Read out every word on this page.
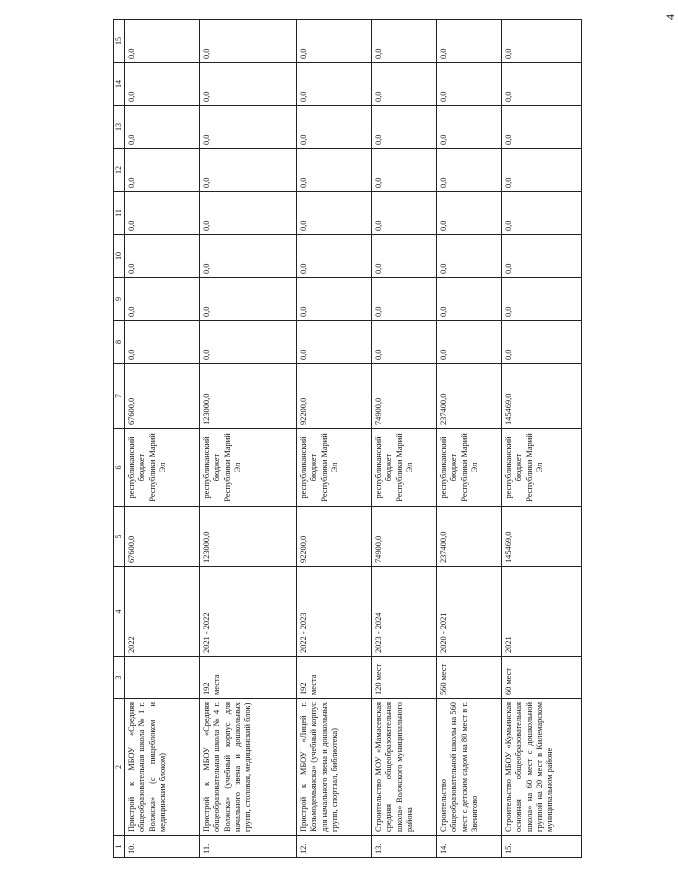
4
1	2	3	4	5	6	7	8	9	10	11	12	13	14	15
10.	Пристрой к МБОУ «Средняя общеобразовательная школа № 1 г. Волжска» (с пищеблоком и медицинским блоком)		2022	67600,0	республиканский бюджет Республики Марий Эл	67600,0	0,0	0,0	0,0	0,0	0,0	0,0	0,0	0,0
11.	Пристрой к МБОУ «Средняя общеобразовательная школа № 4 г. Волжска» (учебный корпус для начального звена и дошкольных групп, столовая, медицинский блок)	192 места	2021 - 2022	123000,0	республиканский бюджет Республики Марий Эл	123000,0	0,0	0,0	0,0	0,0	0,0	0,0	0,0	0,0
12.	Пристрой к МБОУ «Лицей г. Козьмодемьянска» (учебный корпус для начального звена и дошкольных групп, спортзал, библиотека)	192 места	2022 - 2023	92200,0	республиканский бюджет Республики Марий Эл	92200,0	0,0	0,0	0,0	0,0	0,0	0,0	0,0	0,0
13.	Строительство МОУ «Мамасевская средняя общеобразовательная школа» Волжского муниципального района	120 мест	2023 - 2024	74900,0	республиканский бюджет Республики Марий Эл	74900,0	0,0	0,0	0,0	0,0	0,0	0,0	0,0	0,0
14.	Строительство общеобразовательной школы на 560 мест с детским садом на 80 мест в г. Звенигово	560 мест	2020 - 2021	237400,0	республиканский бюджет Республики Марий Эл	237400,0	0,0	0,0	0,0	0,0	0,0	0,0	0,0	0,0
15.	Строительство МБОУ «Кумьинская основная общеобразовательная школа» на 60 мест с дошкольной группой на 20 мест в Килемарском муниципальном районе	60 мест	2021	145469,0	республиканский бюджет Республики Марий Эл	145469,0	0,0	0,0	0,0	0,0	0,0	0,0	0,0	0,0
